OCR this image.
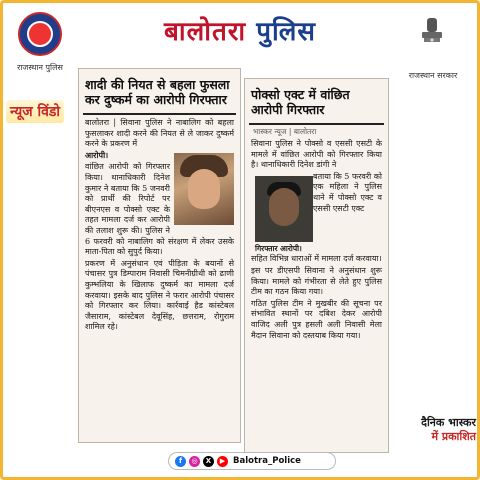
राजस्थान पुलिस
बालोतरा पुलिस
राजस्थान सरकार
न्यूज विंडो
शादी की नियत से बहला फुसला कर दुष्कर्म का आरोपी गिरफ्तार

बालोतरा | सिवाना पुलिस ने नाबालिग को बहला फुसलाकर शादी करने की नियत से ले जाकर दुष्कर्म करने के प्रकरण में

आरोपी।

वांछित आरोपी को गिरफ्तार किया। थानाधिकारी दिनेश कुमार ने बताया कि 5 जनवरी को प्रार्थी की रिपोर्ट पर बीएनएस व पोक्सो एक्ट के तहत मामला दर्ज कर आरोपी की तलाश शुरू की। पुलिस ने 6 फरवरी को नाबालिग को संरक्षण में लेकर उसके माता-पिता को सुपुर्द किया।

प्रकरण में अनुसंधान एवं पीड़िता के बयानों से पंचासर पुत्र डिम्पाराम निवासी चिमनीग्रीथी को ढाणी कुम्भलिया के खिलाफ दुष्कर्म का मामला दर्ज करवाया। इसके बाद पुलिस ने फरार आरोपी पंचासर को गिरफ्तार कर लिया। कार्रवाई हैड कांस्टेबल जैसाराम, कांस्टेबल देवूसिंह, छत्तराम, रोगुराम शामिल रहे।

पोक्सो एक्ट में वांछित आरोपी गिरफ्तार
भास्कर न्यूज | बालोतरा

सिवाना पुलिस ने पोक्सो व एससी एसटी के मामले में वांछित आरोपी को गिरफ्तार किया है। थानाधिकारी दिनेश डांगी ने

बताया कि 5 फरवरी को एक महिला ने पुलिस थाने में पोक्सो एक्ट व एससी एसटी एक्ट

गिरफ्तार आरोपी।

सहित विभिन्न धाराओं में मामला दर्ज करवाया।

इस पर डीएसपी सिवाना ने अनुसंधान शुरू किया। मामले को गंभीरता से लेते हुए पुलिस टीम का गठन किया गया।

गठित पुलिस टीम ने मुखबीर की सूचना पर संभावित स्थानों पर दबिश देकर आरोपी वाजिद अली पुत्र हसली अली निवासी मेला मैदान सिवाना को दस्तयाब किया गया।

दैनिक भास्कर
में प्रकाशित
f	◎	X	▶ Balotra_Police
